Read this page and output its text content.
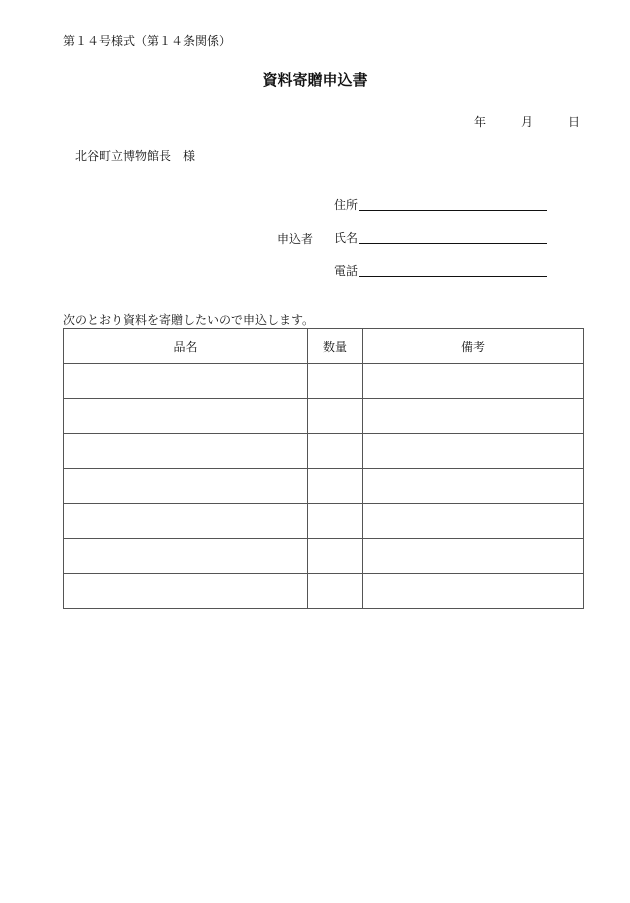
第１４号様式（第１４条関係）
資料寄贈申込書
年	月	日
北谷町立博物館長　様
申込者
住所
氏名
電話
次のとおり資料を寄贈したいので申込します。
品名	数量	備考
